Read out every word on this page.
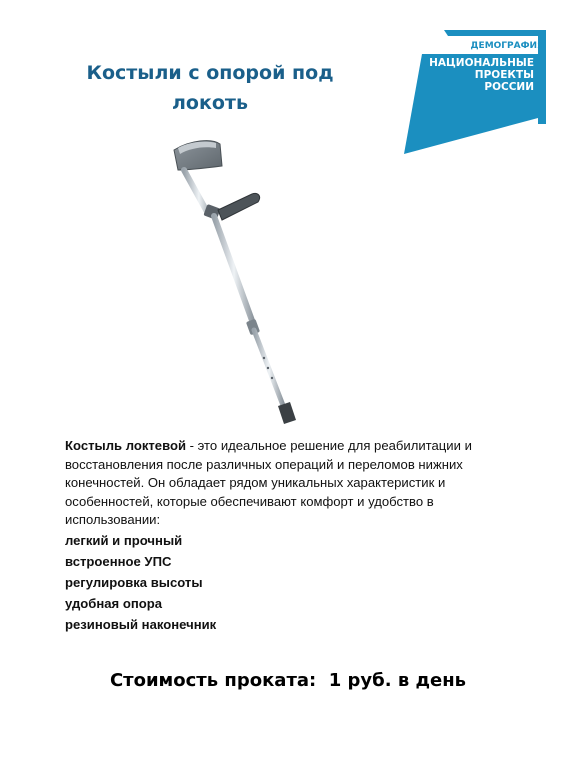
Костыли с опорой под
локоть
ДЕМОГРАФИЯ
НАЦИОНАЛЬНЫЕ
ПРОЕКТЫ
РОССИИ
Костыль локтевой - это идеальное решение для реабилитации и восстановления после различных операций и переломов нижних конечностей. Он обладает рядом уникальных характеристик и особенностей, которые обеспечивают комфорт и удобство в использовании:
легкий и прочный
встроенное УПС
регулировка высоты
удобная опора
резиновый наконечник
Стоимость проката:  1 руб. в день
